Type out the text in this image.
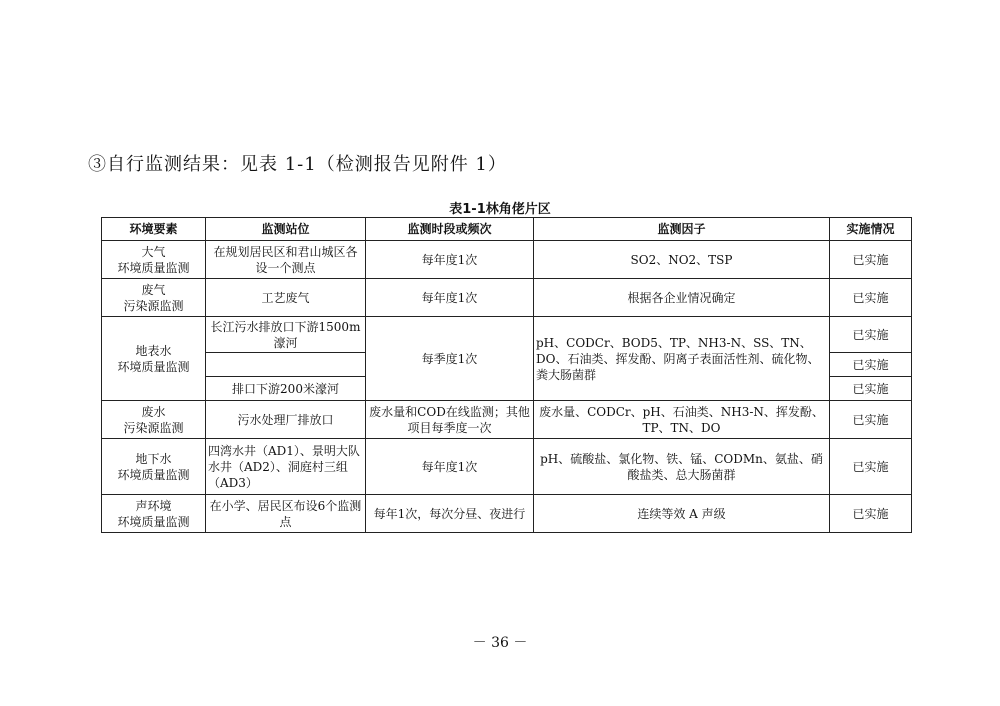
③自行监测结果：见表 1-1（检测报告见附件 1）
表1-1林角佬片区
环境要素	监测站位	监测时段或频次	监测因子	实施情况
大气
环境质量监测	在规划居民区和君山城区各设一个测点	每年度1次	SO2、NO2、TSP	已实施
废气
污染源监测	工艺废气	每年度1次	根据各企业情况确定	已实施
地表水
环境质量监测	长江污水排放口下游1500m濠河	每季度1次	pH、CODCr、BOD5、TP、NH3-N、SS、TN、DO、石油类、挥发酚、阴离子表面活性剂、硫化物、粪大肠菌群	已实施
				已实施
	排口下游200米濠河			已实施
废水
污染源监测	污水处理厂排放口	废水量和COD在线监测；其他项目每季度一次	废水量、CODCr、pH、石油类、NH3-N、挥发酚、TP、TN、DO	已实施
地下水
环境质量监测	四湾水井（AD1）、景明大队水井（AD2）、洞庭村三组（AD3）	每年度1次	pH、硫酸盐、氯化物、铁、锰、CODMn、氨盐、硝酸盐类、总大肠菌群	已实施
声环境
环境质量监测	在小学、居民区布设6个监测点	每年1次，每次分昼、夜进行	连续等效 A 声级	已实施
－ 36 －
